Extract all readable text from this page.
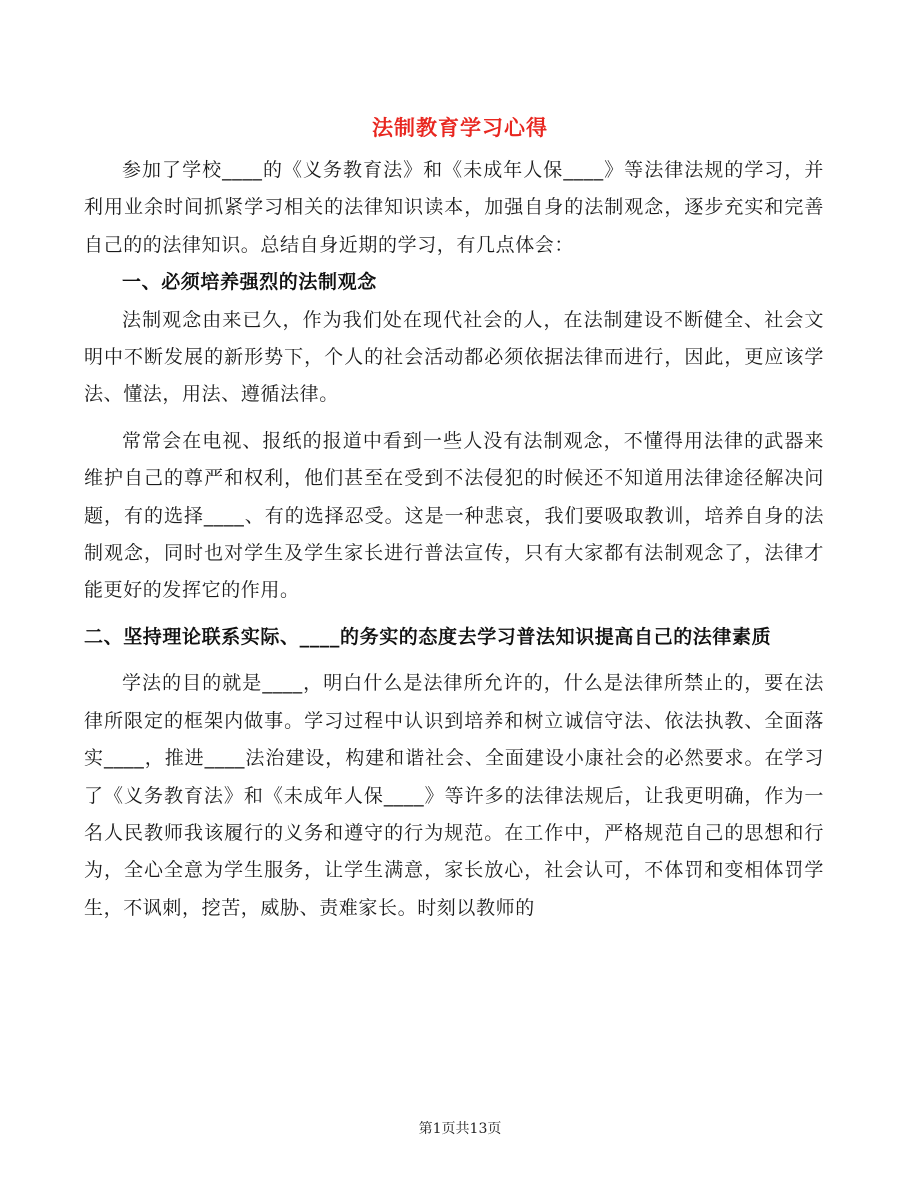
法制教育学习心得

参加了学校____的《义务教育法》和《未成年人保____》等法律法规的学习，并利用业余时间抓紧学习相关的法律知识读本，加强自身的法制观念，逐步充实和完善自己的的法律知识。总结自身近期的学习，有几点体会：

一、必须培养强烈的法制观念

法制观念由来已久，作为我们处在现代社会的人，在法制建设不断健全、社会文明中不断发展的新形势下，个人的社会活动都必须依据法律而进行，因此，更应该学法、懂法，用法、遵循法律。

常常会在电视、报纸的报道中看到一些人没有法制观念，不懂得用法律的武器来维护自己的尊严和权利，他们甚至在受到不法侵犯的时候还不知道用法律途径解决问题，有的选择____、有的选择忍受。这是一种悲哀，我们要吸取教训，培养自身的法制观念，同时也对学生及学生家长进行普法宣传，只有大家都有法制观念了，法律才能更好的发挥它的作用。

二、坚持理论联系实际、____的务实的态度去学习普法知识提高自己的法律素质

学法的目的就是____，明白什么是法律所允许的，什么是法律所禁止的，要在法律所限定的框架内做事。学习过程中认识到培养和树立诚信守法、依法执教、全面落实____，推进____法治建设，构建和谐社会、全面建设小康社会的必然要求。在学习了《义务教育法》和《未成年人保____》等许多的法律法规后，让我更明确，作为一名人民教师我该履行的义务和遵守的行为规范。在工作中，严格规范自己的思想和行为，全心全意为学生服务，让学生满意，家长放心，社会认可，不体罚和变相体罚学生，不讽刺，挖苦，威胁、责难家长。时刻以教师的

第1页共13页
